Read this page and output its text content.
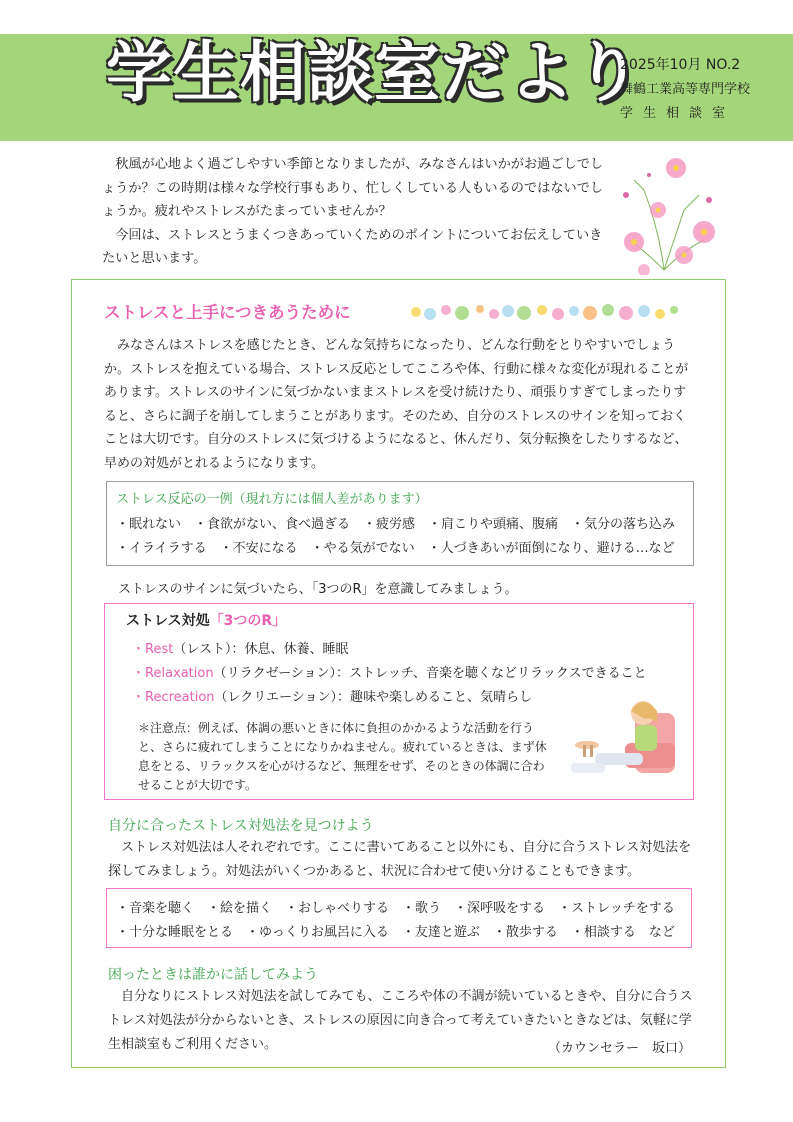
学生相談室だより
2025年10月 NO.2
舞鶴工業高等専門学校
学生相談室

秋風が心地よく過ごしやすい季節となりましたが、みなさんはいかがお過ごしでしょうか？この時期は様々な学校行事もあり、忙しくしている人もいるのではないでしょうか。疲れやストレスがたまっていませんか？

今回は、ストレスとうまくつきあっていくためのポイントについてお伝えしていきたいと思います。

ストレスと上手につきあうために

みなさんはストレスを感じたとき、どんな気持ちになったり、どんな行動をとりやすいでしょうか。ストレスを抱えている場合、ストレス反応としてこころや体、行動に様々な変化が現れることがあります。ストレスのサインに気づかないままストレスを受け続けたり、頑張りすぎてしまったりすると、さらに調子を崩してしまうことがあります。そのため、自分のストレスのサインを知っておくことは大切です。自分のストレスに気づけるようになると、休んだり、気分転換をしたりするなど、早めの対処がとれるようになります。

ストレス反応の一例（現れ方には個人差があります）
・眠れない　・食欲がない、食べ過ぎる　・疲労感　・肩こりや頭痛、腹痛　・気分の落ち込み
・イライラする　・不安になる　・やる気がでない　・人づきあいが面倒になり、避ける…など
ストレスのサインに気づいたら、「3つのR」を意識してみましょう。
ストレス対処「3つのR」
・Rest（レスト）：休息、休養、睡眠
・Relaxation（リラクゼーション）：ストレッチ、音楽を聴くなどリラックスできること
・Recreation（レクリエーション）：趣味や楽しめること、気晴らし

＊注意点：例えば、体調の悪いときに体に負担のかかるような活動を行うと、さらに疲れてしまうことになりかねません。疲れているときは、まず休息をとる、リラックスを心がけるなど、無理をせず、そのときの体調に合わせることが大切です。

自分に合ったストレス対処法を見つけよう

ストレス対処法は人それぞれです。ここに書いてあること以外にも、自分に合うストレス対処法を探してみましょう。対処法がいくつかあると、状況に合わせて使い分けることもできます。

・音楽を聴く　・絵を描く　・おしゃべりする　・歌う　・深呼吸をする　・ストレッチをする
・十分な睡眠をとる　・ゆっくりお風呂に入る　・友達と遊ぶ　・散歩する　・相談する　など
困ったときは誰かに話してみよう

自分なりにストレス対処法を試してみても、こころや体の不調が続いているときや、自分に合うストレス対処法が分からないとき、ストレスの原因に向き合って考えていきたいときなどは、気軽に学生相談室もご利用ください。	（カウンセラー　坂口）
